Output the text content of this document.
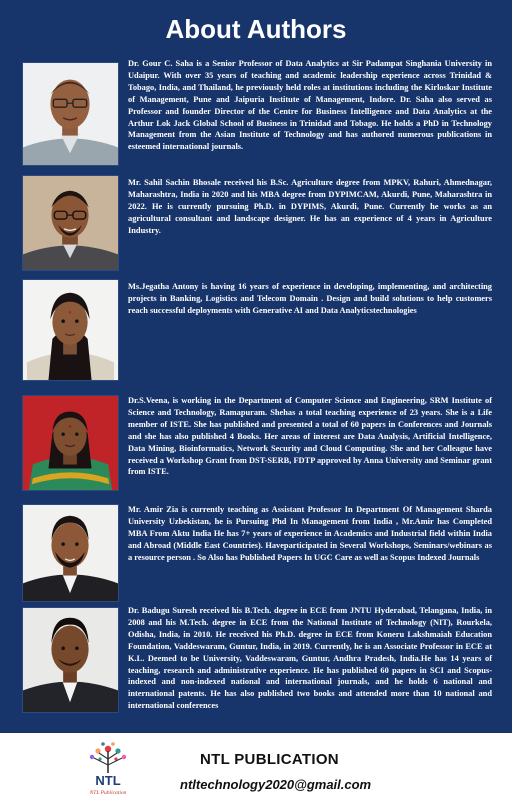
About Authors
Dr. Gour C. Saha is a Senior Professor of Data Analytics at Sir Padampat Singhania University in Udaipur. With over 35 years of teaching and academic leadership experience across Trinidad & Tobago, India, and Thailand, he previously held roles at institutions including the Kirloskar Institute of Management, Pune and Jaipuria Institute of Management, Indore. Dr. Saha also served as Professor and founder Director of the Centre for Business Intelligence and Data Analytics at the Arthur Lok Jack Global School of Business in Trinidad and Tobago. He holds a PhD in Technology Management from the Asian Institute of Technology and has authored numerous publications in esteemed international journals.
Mr. Sahil Sachin Bhosale received his B.Sc. Agriculture degree from MPKV, Rahuri, Ahmednagar, Maharashtra, India in 2020 and his MBA degree from DYPIMCAM, Akurdi, Pune, Maharashtra in 2022. He is currently pursuing Ph.D. in DYPIMS, Akurdi, Pune. Currently he works as an agricultural consultant and landscape designer. He has an experience of 4 years in Agriculture Industry.
Ms.Jegatha Antony is having 16 years of experience in developing, implementing, and architecting projects in Banking, Logistics and Telecom Domain . Design and build solutions to help customers reach successful deployments with Generative AI and Data Analyticstechnologies
Dr.S.Veena, is working in the Department of Computer Science and Engineering, SRM Institute of Science and Technology, Ramapuram. Shehas a total teaching experience of 23 years. She is a Life member of ISTE. She has published and presented a total of 60 papers in Conferences and Journals and she has also published 4 Books. Her areas of interest are Data Analysis, Artificial Intelligence, Data Mining, Bioinformatics, Network Security and Cloud Computing. She and her Colleague have received a Workshop Grant from DST-SERB, FDTP approved by Anna University and Seminar grant from ISTE.
Mr. Amir Zia is currently teaching as Assistant Professor In Department Of Management Sharda University Uzbekistan, he is Pursuing Phd In Management from India , Mr.Amir has Completed MBA From Aktu India He has 7+ years of experience in Academics and Industrial field within India and Abroad (Middle East Countries). Haveparticipated in Several Workshops, Seminars/webinars as a resource person . So Also has Published Papers In UGC Care as well as Scopus Indexed Journals
Dr. Badugu Suresh received his B.Tech. degree in ECE from JNTU Hyderabad, Telangana, India, in 2008 and his M.Tech. degree in ECE from the National Institute of Technology (NIT), Rourkela, Odisha, India, in 2010. He received his Ph.D. degree in ECE from Koneru Lakshmaiah Education Foundation, Vaddeswaram, Guntur, India, in 2019. Currently, he is an Associate Professor in ECE at K.L. Deemed to be University, Vaddeswaram, Guntur, Andhra Pradesh, India.He has 14 years of teaching, research and administrative experience. He has published 60 papers in SCI and Scopus-indexed and non-indexed national and international journals, and he holds 6 national and international patents. He has also published two books and attended more than 10 national and international conferences
NTL
NTL Publication
NTL PUBLICATION
ntltechnology2020@gmail.com
